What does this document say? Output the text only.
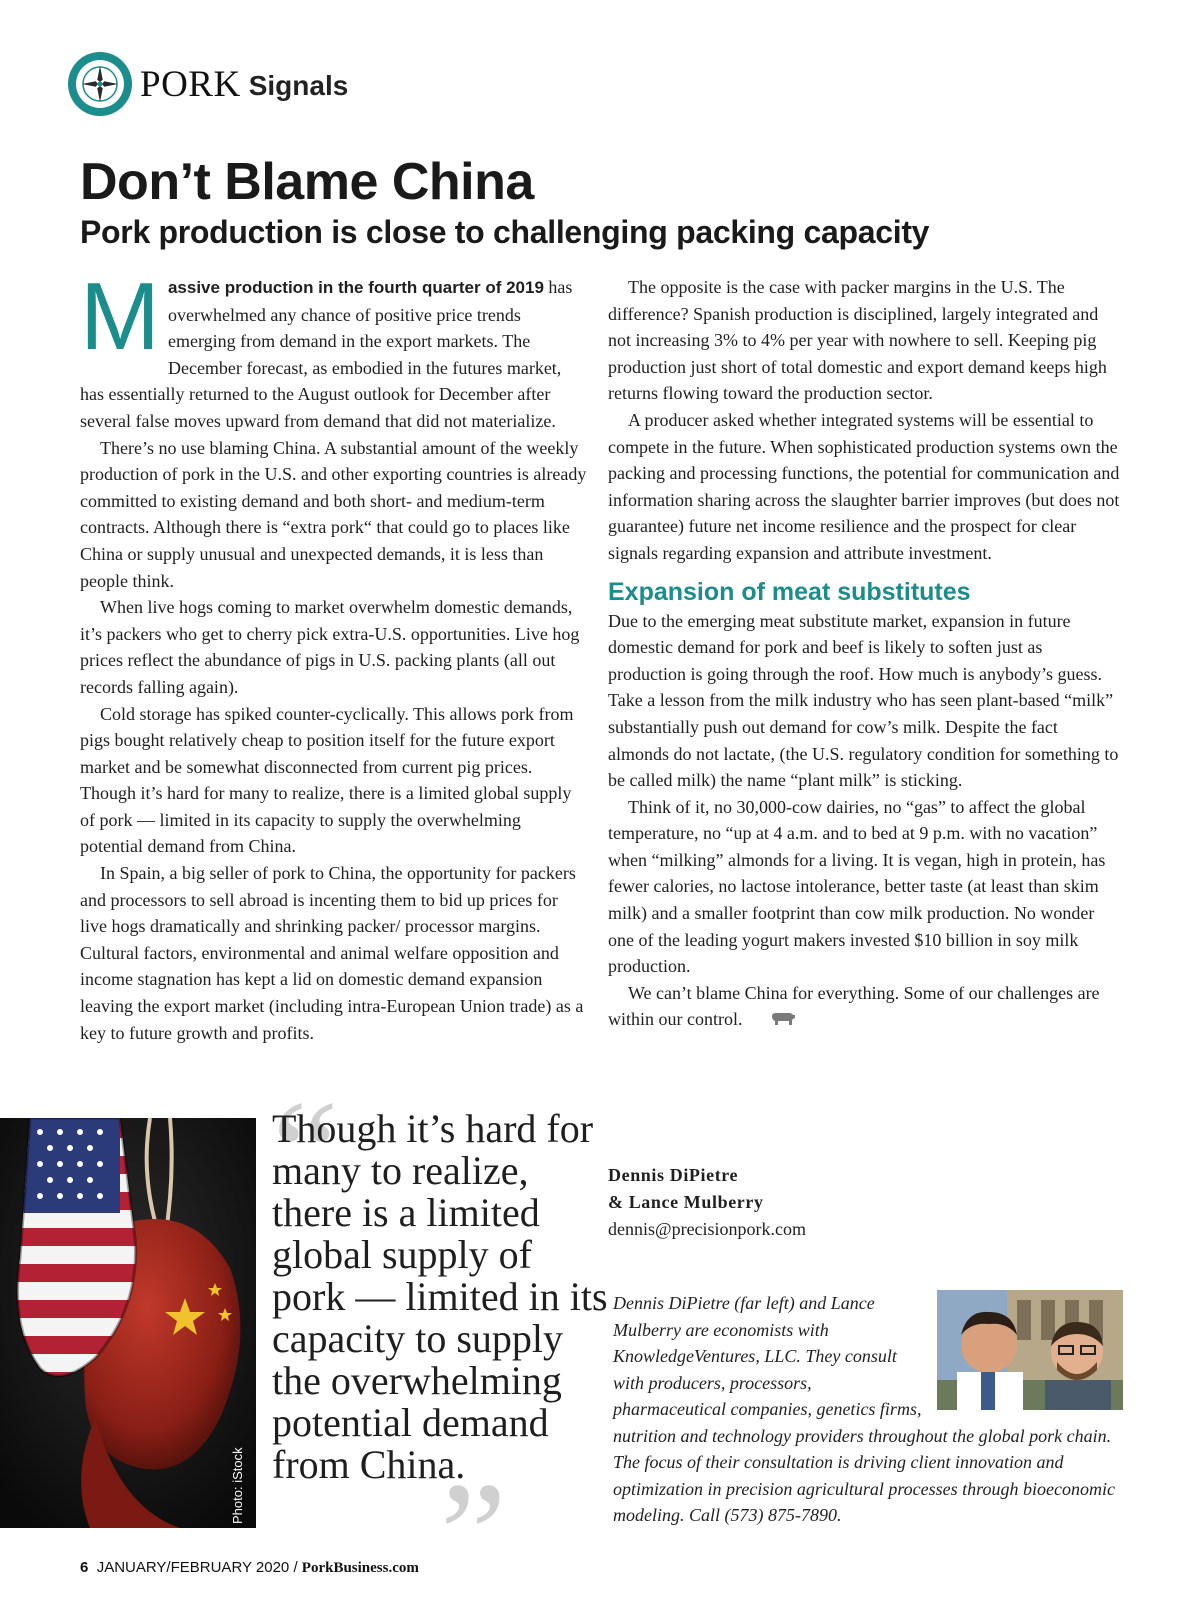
PORK Signals
Don’t Blame China
Pork production is close to challenging packing capacity

Massive production in the fourth quarter of 2019 has overwhelmed any chance of positive price trends emerging from demand in the export markets. The December forecast, as embodied in the futures market, has essentially returned to the August outlook for December after several false moves upward from demand that did not materialize.

There’s no use blaming China. A substantial amount of the weekly production of pork in the U.S. and other exporting countries is already committed to existing demand and both short- and medium-term contracts. Although there is “extra pork“ that could go to places like China or supply unusual and unexpected demands, it is less than people think.

When live hogs coming to market overwhelm domestic demands, it’s packers who get to cherry pick extra-U.S. opportunities. Live hog prices reflect the abundance of pigs in U.S. packing plants (all out records falling again).

Cold storage has spiked counter-cyclically. This allows pork from pigs bought relatively cheap to position itself for the future export market and be somewhat disconnected from current pig prices. Though it’s hard for many to realize, there is a limited global supply of pork — limited in its capacity to supply the overwhelming potential demand from China.

In Spain, a big seller of pork to China, the opportunity for packers and processors to sell abroad is incenting them to bid up prices for live hogs dramatically and shrinking packer/ processor margins. Cultural factors, environmental and animal welfare opposition and income stagnation has kept a lid on domestic demand expansion leaving the export market (including intra-European Union trade) as a key to future growth and profits.

The opposite is the case with packer margins in the U.S. The difference? Spanish production is disciplined, largely integrated and not increasing 3% to 4% per year with nowhere to sell. Keeping pig production just short of total domestic and export demand keeps high returns flowing toward the production sector.

A producer asked whether integrated systems will be essential to compete in the future. When sophisticated production systems own the packing and processing functions, the potential for communication and information sharing across the slaughter barrier improves (but does not guarantee) future net income resilience and the prospect for clear signals regarding expansion and attribute investment.

Expansion of meat substitutes

Due to the emerging meat substitute market, expansion in future domestic demand for pork and beef is likely to soften just as production is going through the roof. How much is anybody’s guess. Take a lesson from the milk industry who has seen plant-based “milk” substantially push out demand for cow’s milk. Despite the fact almonds do not lactate, (the U.S. regulatory condition for something to be called milk) the name “plant milk” is sticking.

Think of it, no 30,000-cow dairies, no “gas” to affect the global temperature, no “up at 4 a.m. and to bed at 9 p.m. with no vacation” when “milking” almonds for a living. It is vegan, high in protein, has fewer calories, no lactose intolerance, better taste (at least than skim milk) and a smaller footprint than cow milk production. No wonder one of the leading yogurt makers invested $10 billion in soy milk production.

We can’t blame China for everything. Some of our challenges are within our control.

Dennis DiPietre
& Lance Mulberry
dennis@precisionpork.com
Photo: iStock
“

Though it’s hard for many to realize, there is a limited global supply of pork — limited in its capacity to supply the overwhelming potential demand from China.

”

Dennis DiPietre (far left) and Lance Mulberry are economists with KnowledgeVentures, LLC. They consult with producers, processors, pharmaceutical companies, genetics firms, nutrition and technology providers throughout the global pork chain. The focus of their consultation is driving client innovation and optimization in precision agricultural processes through bioeconomic modeling. Call (573) 875-7890.

6 JANUARY/FEBRUARY 2020 / PorkBusiness.com
